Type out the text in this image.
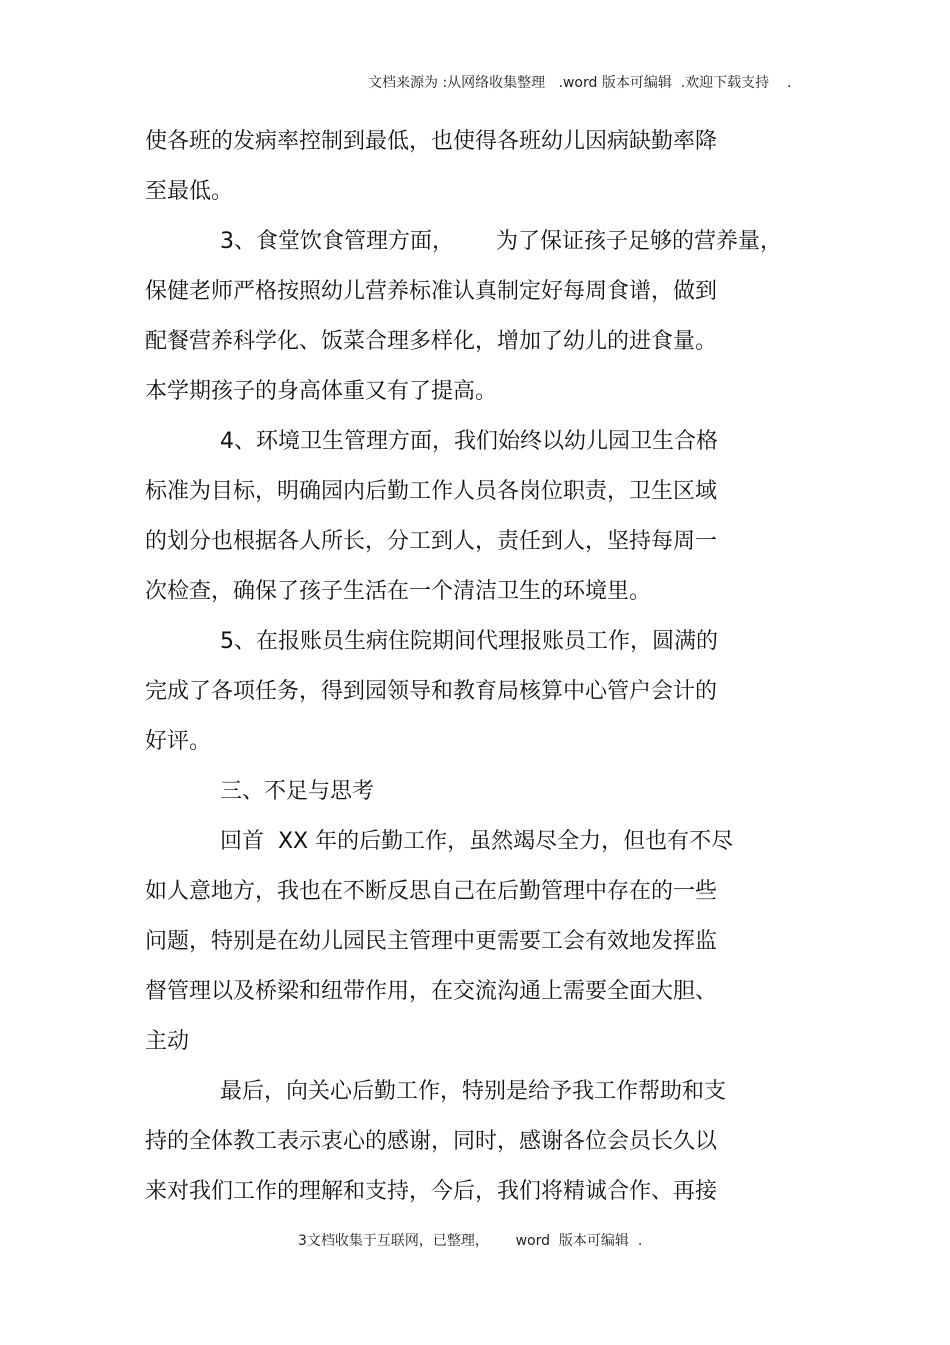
文档来源为 :从网络收集整理   .word 版本可编辑  .欢迎下载支持    .
使各班的发病率控制到最低，也使得各班幼儿因病缺勤率降
至最低。
3、食堂饮食管理方面，      为了保证孩子足够的营养量，
保健老师严格按照幼儿营养标准认真制定好每周食谱，做到
配餐营养科学化、饭菜合理多样化，增加了幼儿的进食量。
本学期孩子的身高体重又有了提高。
4、环境卫生管理方面，我们始终以幼儿园卫生合格
标准为目标，明确园内后勤工作人员各岗位职责，卫生区域
的划分也根据各人所长，分工到人，责任到人，坚持每周一
次检查，确保了孩子生活在一个清洁卫生的环境里。
5、在报账员生病住院期间代理报账员工作，圆满的
完成了各项任务，得到园领导和教育局核算中心管户会计的
好评。
三、不足与思考
回首  XX 年的后勤工作，虽然竭尽全力，但也有不尽
如人意地方，我也在不断反思自己在后勤管理中存在的一些
问题，特别是在幼儿园民主管理中更需要工会有效地发挥监
督管理以及桥梁和纽带作用，在交流沟通上需要全面大胆、
主动
最后，向关心后勤工作，特别是给予我工作帮助和支
持的全体教工表示衷心的感谢，同时，感谢各位会员长久以
来对我们工作的理解和支持，今后，我们将精诚合作、再接
3文档收集于互联网，已整理，      word  版本可编辑  .
